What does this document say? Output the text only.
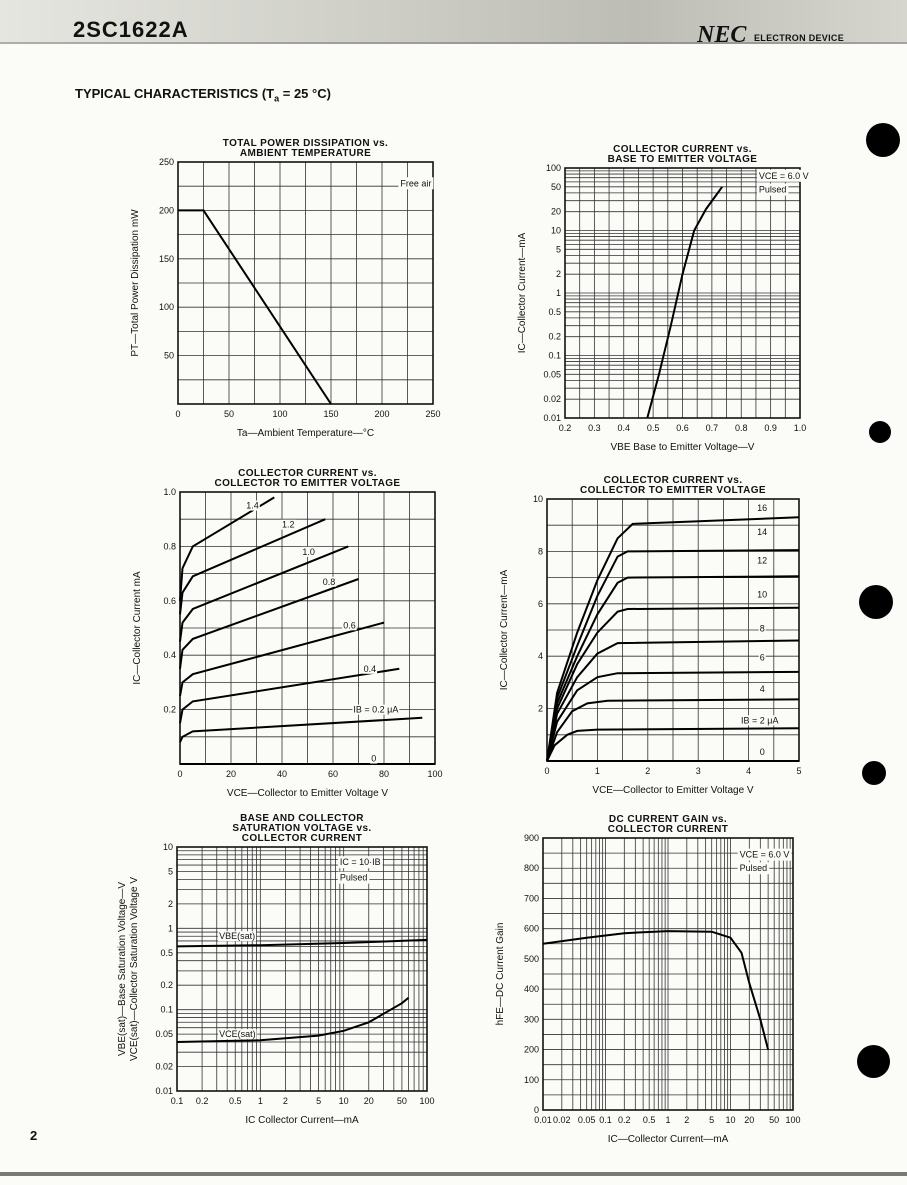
2SC1622A	NEC ELECTRON DEVICE
TYPICAL CHARACTERISTICS ($T_a = 25$ °C)
TOTAL POWER DISSIPATION vs.
AMBIENT TEMPERATURE
0	50	100	150	200	250
50
100
150
200
250
Ta—Ambient Temperature—°C
PT—Total Power Dissipation mW
Free air
COLLECTOR CURRENT vs.
BASE TO EMITTER VOLTAGE
0.2 0.3 0.4 0.5 0.6 0.7 0.8 0.9 1.0
0.01
0.02
0.05
0.1
0.2
0.5
1
2
5
10
20
50
100
VBE Base to Emitter Voltage—V
IC—Collector Current—mA
VCE = 6.0 V
Pulsed
COLLECTOR CURRENT vs.
COLLECTOR TO EMITTER VOLTAGE
0	20	40	60	80	100
0.2
0.4
0.6
0.8
1.0
VCE—Collector to Emitter Voltage V
IC—Collector Current mA
0
IB = 0.2 μA
0.4
0.6
0.8
1.0
1.2
1.4
COLLECTOR CURRENT vs.
COLLECTOR TO EMITTER VOLTAGE
0	1	2	3	4	5
2
4
6
8
10
VCE—Collector to Emitter Voltage V
IC—Collector Current—mA
0
IB = 2 μA
4
6
8
10
12
14
16
BASE AND COLLECTOR
SATURATION VOLTAGE vs.
COLLECTOR CURRENT
0.1 0.2 0.5 1 2	5 10 20	50 100
0.01
0.02
0.05
0.1
0.2
0.5
1
2
5
10
IC Collector Current—mA
VBE(sat)—Base Saturation Voltage—V VCE(sat)—Collector Saturation Voltage V	VBE(sat)
VCE(sat)
IC = 10·IB
Pulsed
DC CURRENT GAIN vs.
COLLECTOR CURRENT
0.01 0.02 0.05 0.1 0.2 0.5 1 2 5 10 20 50 100
0
100
200
300
400
500
600
700
800
900
IC—Collector Current—mA
hFE—DC Current Gain
VCE = 6.0 V
Pulsed
2
